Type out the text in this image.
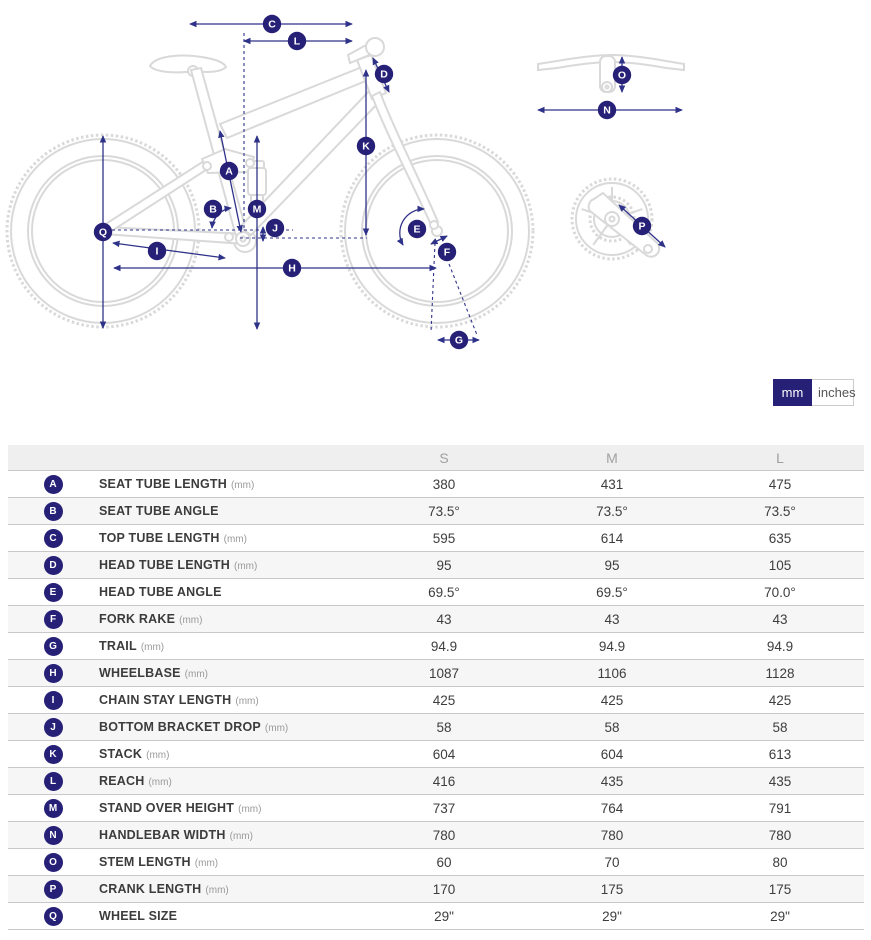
A
B
C
D
E
F
G
H
I
J
K
L
M
N
O
P
Q
mm	inches
		S	M	L
A	SEAT TUBE LENGTH (mm)	380	431	475
B	SEAT TUBE ANGLE	73.5°	73.5°	73.5°
C	TOP TUBE LENGTH (mm)	595	614	635
D	HEAD TUBE LENGTH (mm)	95	95	105
E	HEAD TUBE ANGLE	69.5°	69.5°	70.0°
F	FORK RAKE (mm)	43	43	43
G	TRAIL (mm)	94.9	94.9	94.9
H	WHEELBASE (mm)	1087	1106	1128
I	CHAIN STAY LENGTH (mm)	425	425	425
J	BOTTOM BRACKET DROP (mm)	58	58	58
K	STACK (mm)	604	604	613
L	REACH (mm)	416	435	435
M	STAND OVER HEIGHT (mm)	737	764	791
N	HANDLEBAR WIDTH (mm)	780	780	780
O	STEM LENGTH (mm)	60	70	80
P	CRANK LENGTH (mm)	170	175	175
Q	WHEEL SIZE	29"	29"	29"
